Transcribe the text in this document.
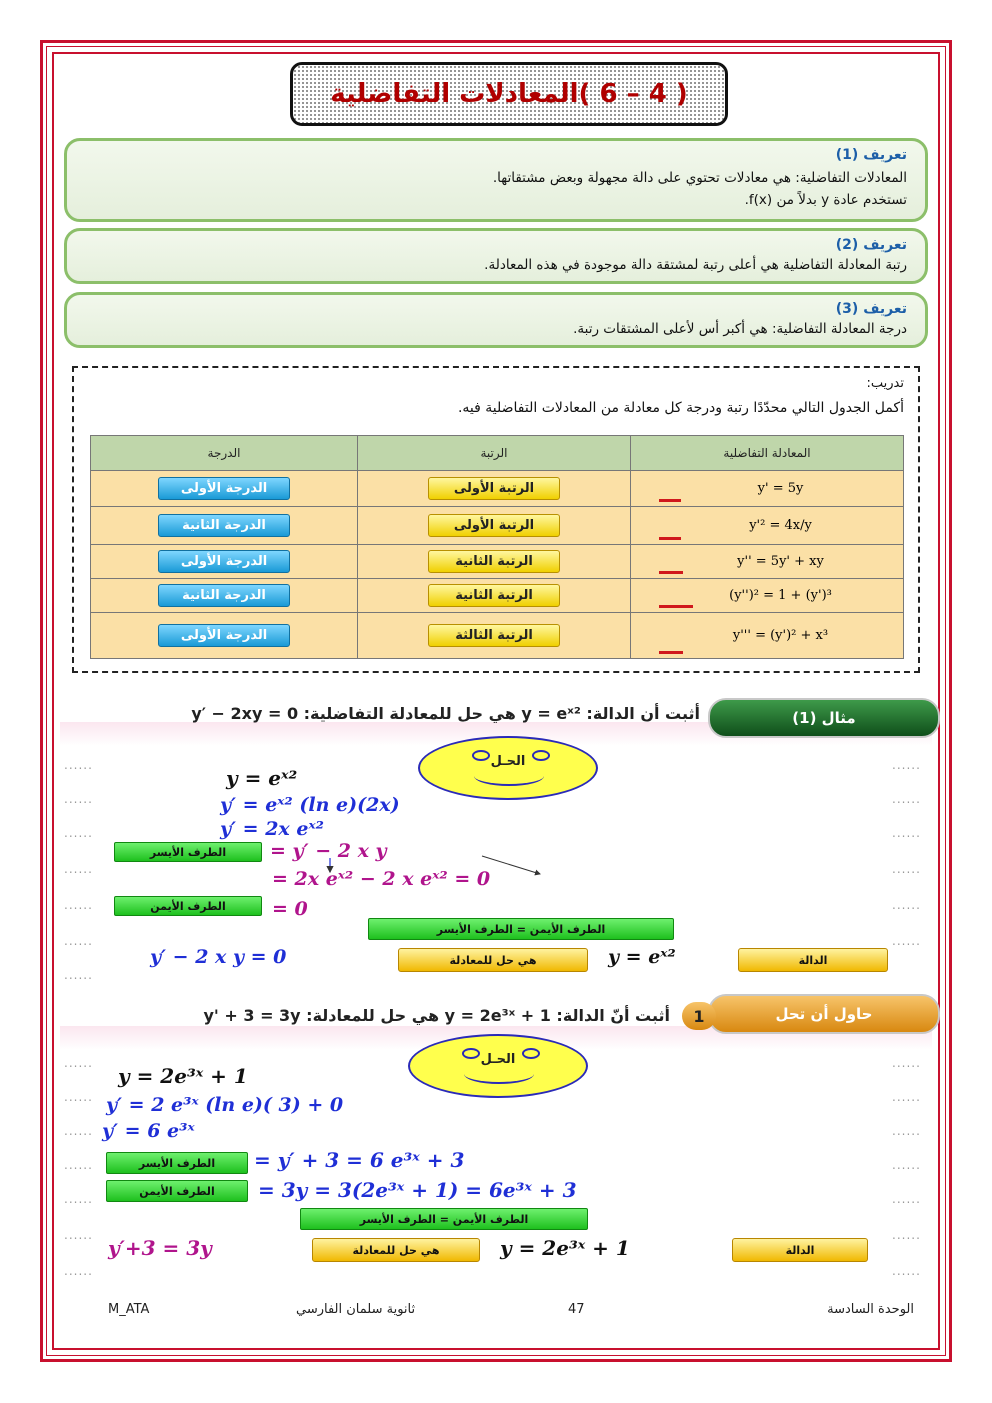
( 4 – 6 )المعادلات التفاضلية
تعريف (1)
المعادلات التفاضلية: هي معادلات تحتوي على دالة مجهولة وبعض مشتقاتها.
تستخدم عادة y بدلاً من f(x).
تعريف (2)
رتبة المعادلة التفاضلية هي أعلى رتبة لمشتقة دالة موجودة في هذه المعادلة.
تعريف (3)
درجة المعادلة التفاضلية: هي أكبر أس لأعلى المشتقات رتبة.
تدريب:
أكمل الجدول التالي محدّدًا رتبة ودرجة كل معادلة من المعادلات التفاضلية فيه.
المعادلة التفاضلية	الرتبة	الدرجة
y' = 5y	الرتبة الأولى	الدرجة الأولى
y'² = 4x/y	الرتبة الأولى	الدرجة الثانية
y'' = 5y' + xy	الرتبة الثانية	الدرجة الأولى
(y'')² = 1 + (y')³	الرتبة الثانية	الدرجة الثانية
y''' = (y')² + x³	الرتبة الثالثة	الدرجة الأولى
مثال (1)
أثبت أن الدالة: y = eˣ² هي حل للمعادلة التفاضلية: y′ − 2xy = 0
......	......
......	......
......	......
......	......
......	......
......	......
......
الحـل
y = eˣ²
y′ = eˣ² (ln e)(2x)
y′ = 2x eˣ²
الطرف الأيسر	= y′ − 2 x y
= 2x eˣ² − 2 x eˣ² = 0
الطرف الأيمن	= 0
الطرف الأيمن = الطرف الأيسر
y′ − 2 x y = 0	هي حل للمعادلة	y = eˣ²	الدالة
حاول أن تحل
1
أثبت أنّ الدالة: y = 2e³ˣ + 1 هي حل للمعادلة: y' + 3 = 3y
......	......
......	......
......	......
......	......
......	......
......	......
......	......
الحـل
y = 2e³ˣ + 1
y′ = 2 e³ˣ (ln e)( 3) + 0
y′ = 6 e³ˣ
الطرف الأيسر	= y′ + 3 = 6 e³ˣ + 3
الطرف الأيمن	= 3y = 3(2e³ˣ + 1) = 6e³ˣ + 3
الطرف الأيمن = الطرف الأيسر
y′+3 = 3y	هي حل للمعادلة	y = 2e³ˣ + 1	الدالة
الوحدة السادسة
47
ثانوية سلمان الفارسي
M_ATA
